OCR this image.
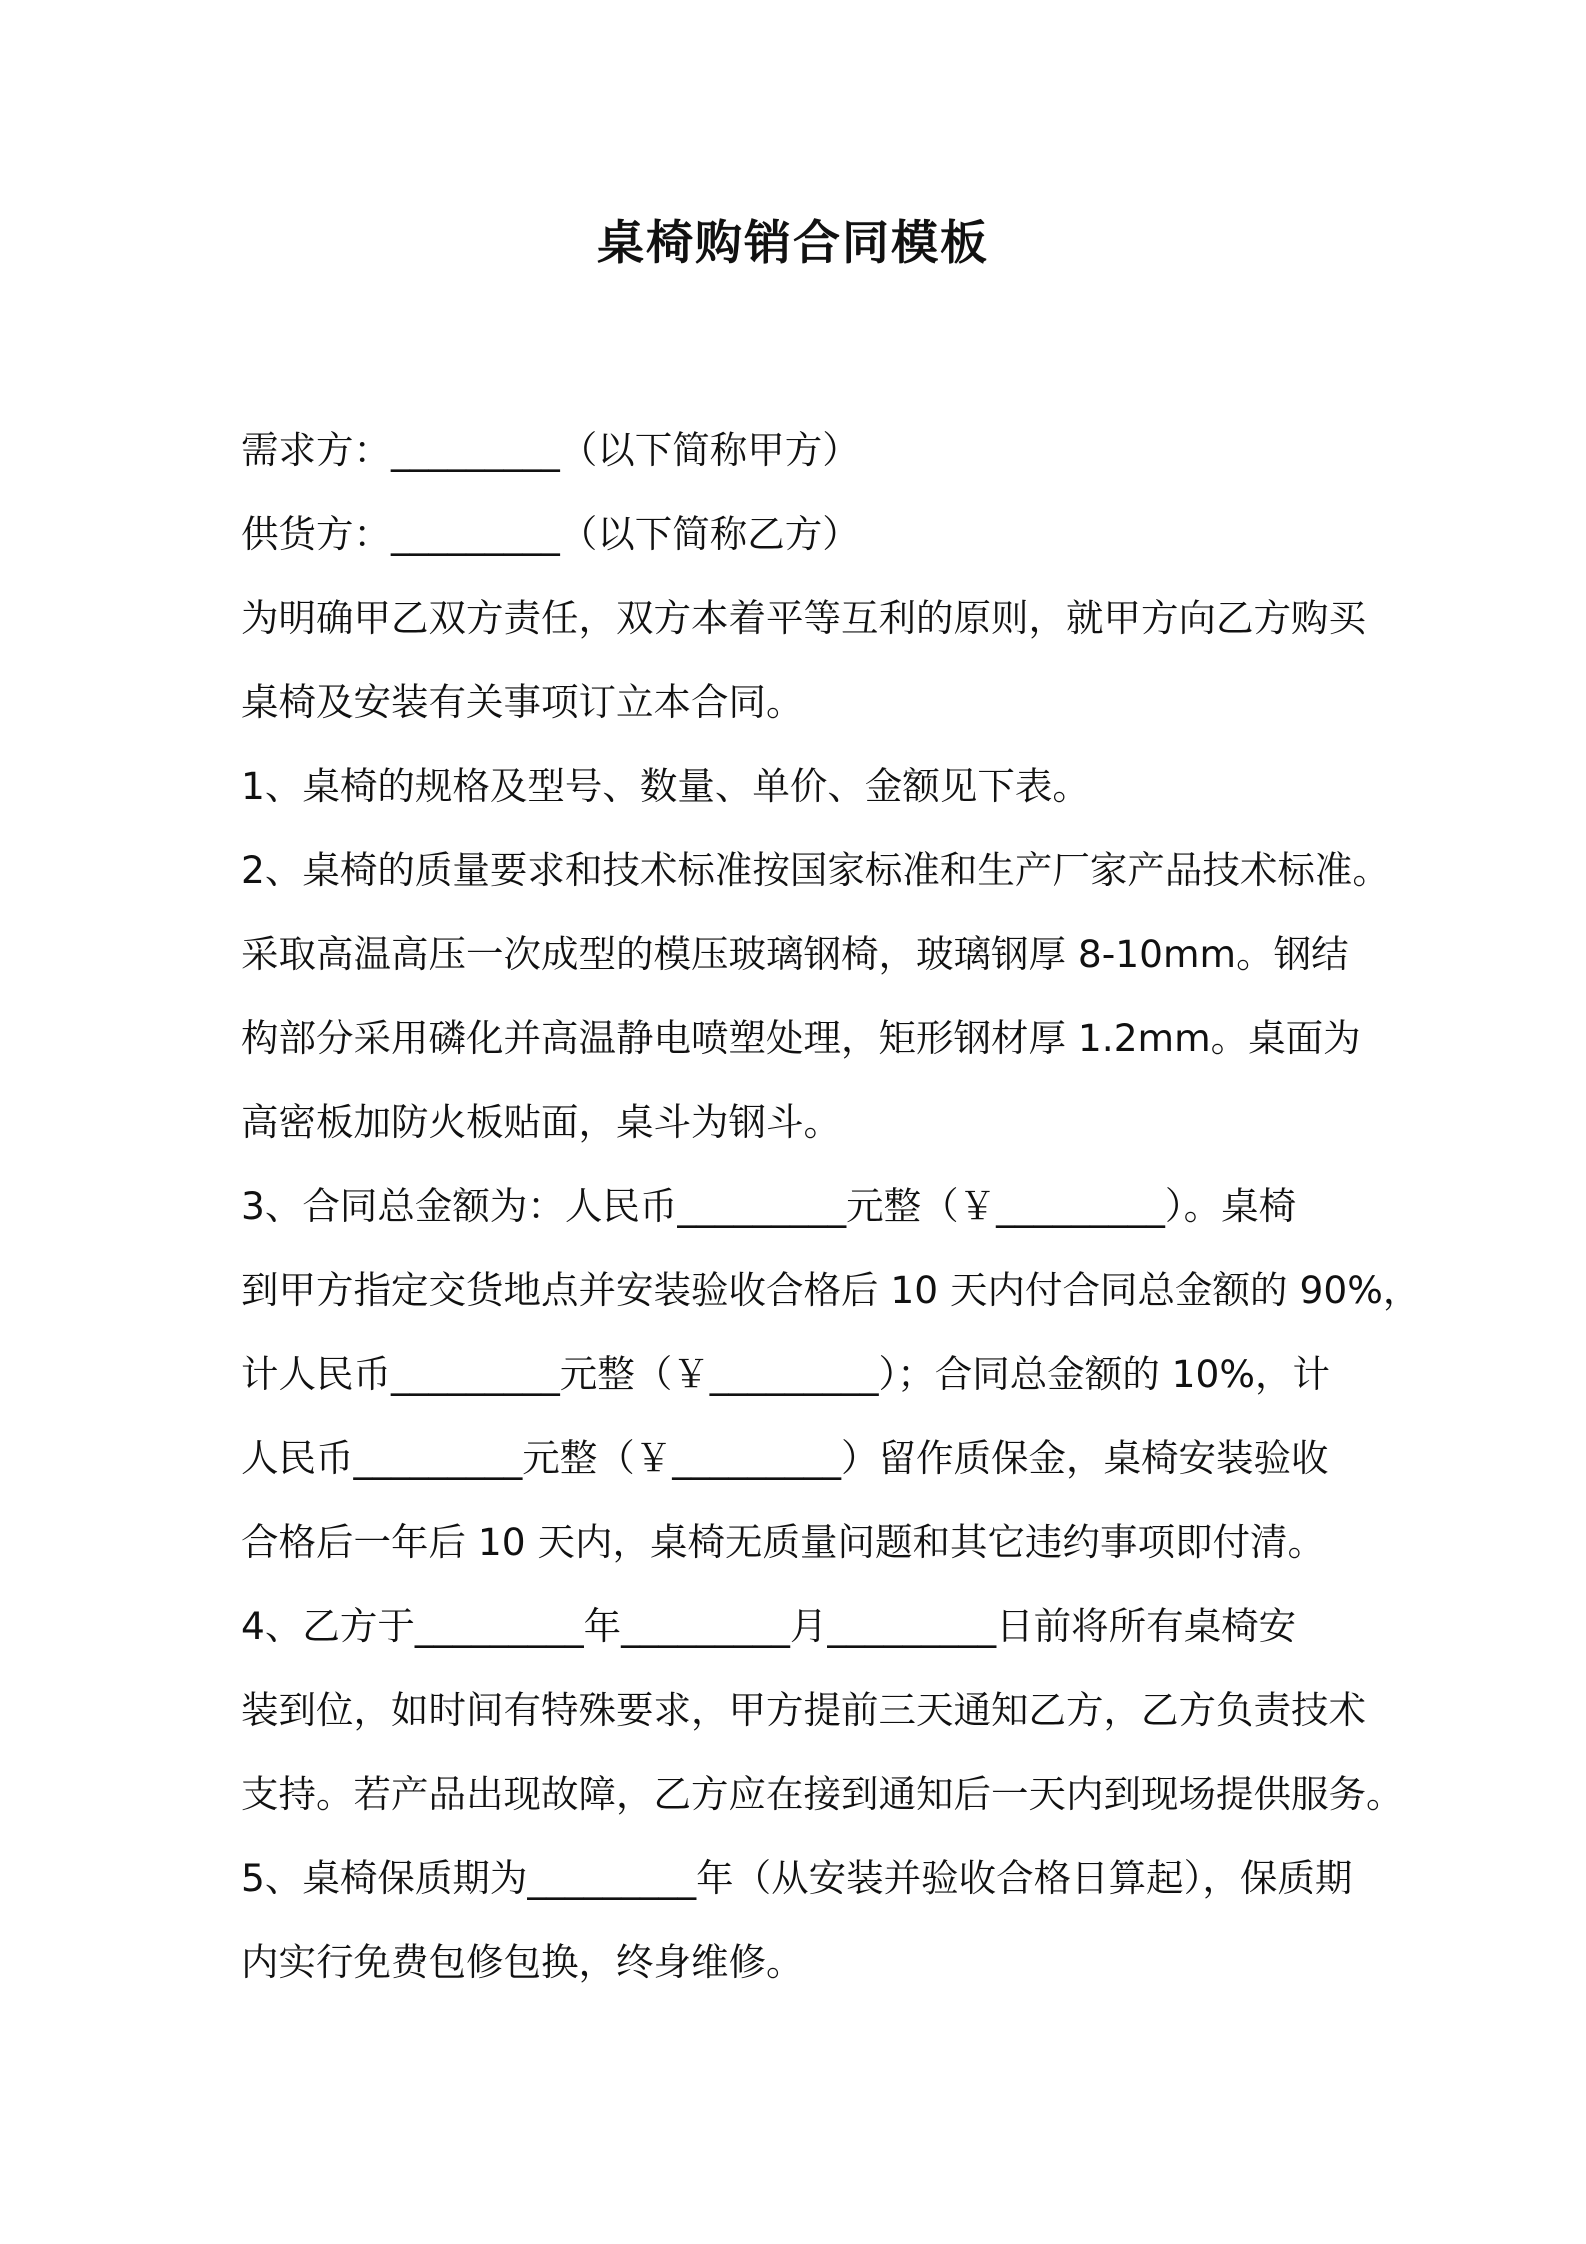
桌椅购销合同模板
需求方：_________（以下简称甲方）
供货方：_________（以下简称乙方）
为明确甲乙双方责任，双方本着平等互利的原则，就甲方向乙方购买
桌椅及安装有关事项订立本合同。
1、桌椅的规格及型号、数量、单价、金额见下表。
2、桌椅的质量要求和技术标准按国家标准和生产厂家产品技术标准。
采取高温高压一次成型的模压玻璃钢椅，玻璃钢厚 8-10mm。钢结
构部分采用磷化并高温静电喷塑处理，矩形钢材厚 1.2mm。桌面为
高密板加防火板贴面，桌斗为钢斗。
3、合同总金额为：人民币_________元整（￥_________）。桌椅
到甲方指定交货地点并安装验收合格后 10 天内付合同总金额的 90%，
计人民币_________元整（￥_________）；合同总金额的 10%，计
人民币_________元整（￥_________）留作质保金，桌椅安装验收
合格后一年后 10 天内，桌椅无质量问题和其它违约事项即付清。
4、乙方于_________年_________月_________日前将所有桌椅安
装到位，如时间有特殊要求，甲方提前三天通知乙方，乙方负责技术
支持。若产品出现故障，乙方应在接到通知后一天内到现场提供服务。
5、桌椅保质期为_________年（从安装并验收合格日算起），保质期
内实行免费包修包换，终身维修。
